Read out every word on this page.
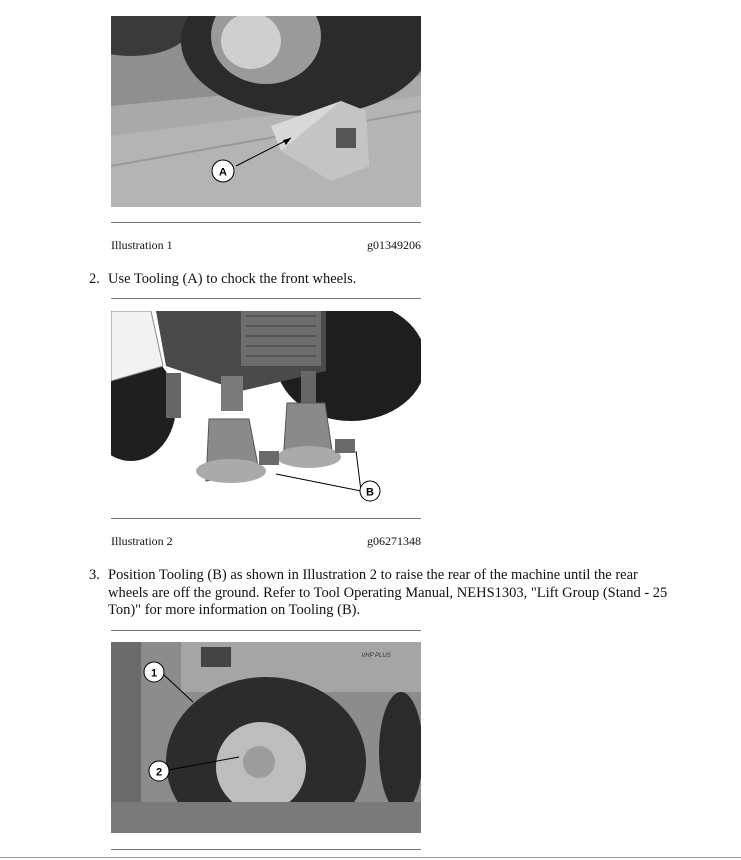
A
Illustration 1	g01349206
2. Use Tooling (A) to chock the front wheels.
B
Illustration 2	g06271348
3. Position Tooling (B) as shown in Illustration 2 to raise the rear of the machine until the rear wheels are off the ground. Refer to Tool Operating Manual, NEHS1303, "Lift Group (Stand - 25 Ton)" for more information on Tooling (B).
VHP PLUS
1
2
